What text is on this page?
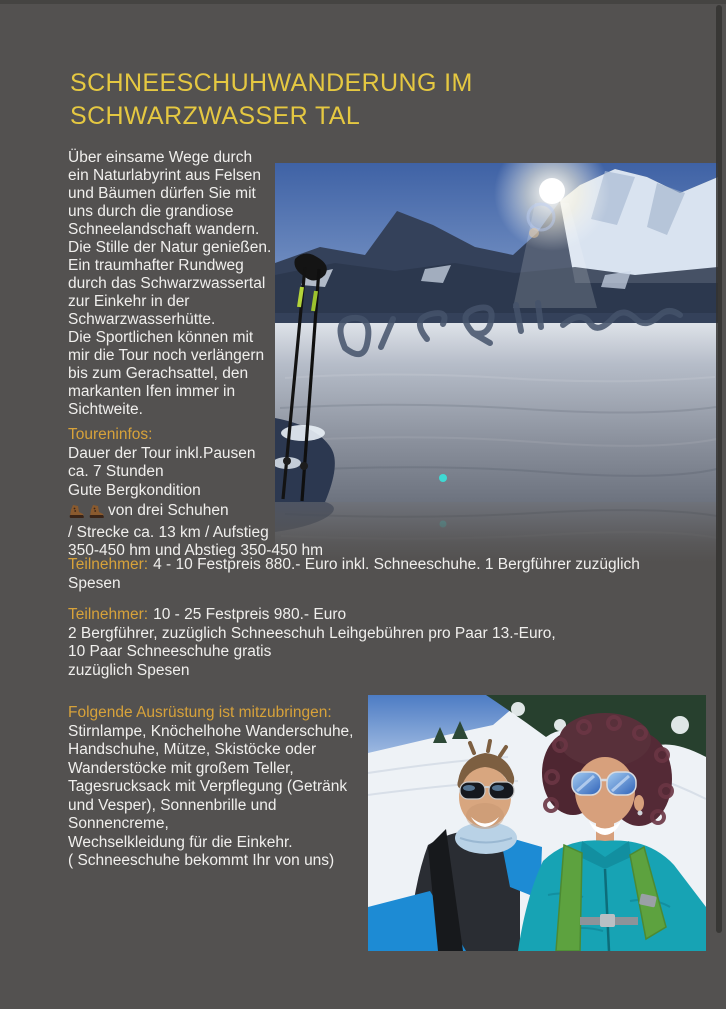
SCHNEESCHUHWANDERUNG IM
SCHWARZWASSER TAL
Über einsame Wege durch
ein Naturlabyrint aus Felsen
und Bäumen dürfen Sie mit
uns durch die grandiose
Schneelandschaft wandern.
Die Stille der Natur genießen.
Ein traumhafter Rundweg
durch das Schwarzwassertal
zur Einkehr in der
Schwarzwasserhütte.
Die Sportlichen können mit
mir die Tour noch verlängern
bis zum Gerachsattel, den
markanten Ifen immer in
Sichtweite.
Toureninfos:
Dauer der Tour inkl.Pausen
ca. 7 Stunden
Gute Bergkondition
von drei Schuhen
/ Strecke ca. 13 km / Aufstieg
350-450 hm und Abstieg 350-450 hm
Teilnehmer: 4 - 10 Festpreis 880.- Euro inkl. Schneeschuhe. 1 Bergführer zuzüglich
Spesen
Teilnehmer: 10 - 25 Festpreis 980.- Euro
2 Bergführer, zuzüglich Schneeschuh Leihgebühren pro Paar 13.-Euro,
10 Paar Schneeschuhe gratis
zuzüglich Spesen
Folgende Ausrüstung ist mitzubringen:
Stirnlampe, Knöchelhohe Wanderschuhe,
Handschuhe, Mütze, Skistöcke oder
Wanderstöcke mit großem Teller,
Tagesrucksack mit Verpflegung (Getränk
und Vesper), Sonnenbrille und
Sonnencreme,
Wechselkleidung für die Einkehr.
( Schneeschuhe bekommt Ihr von uns)
